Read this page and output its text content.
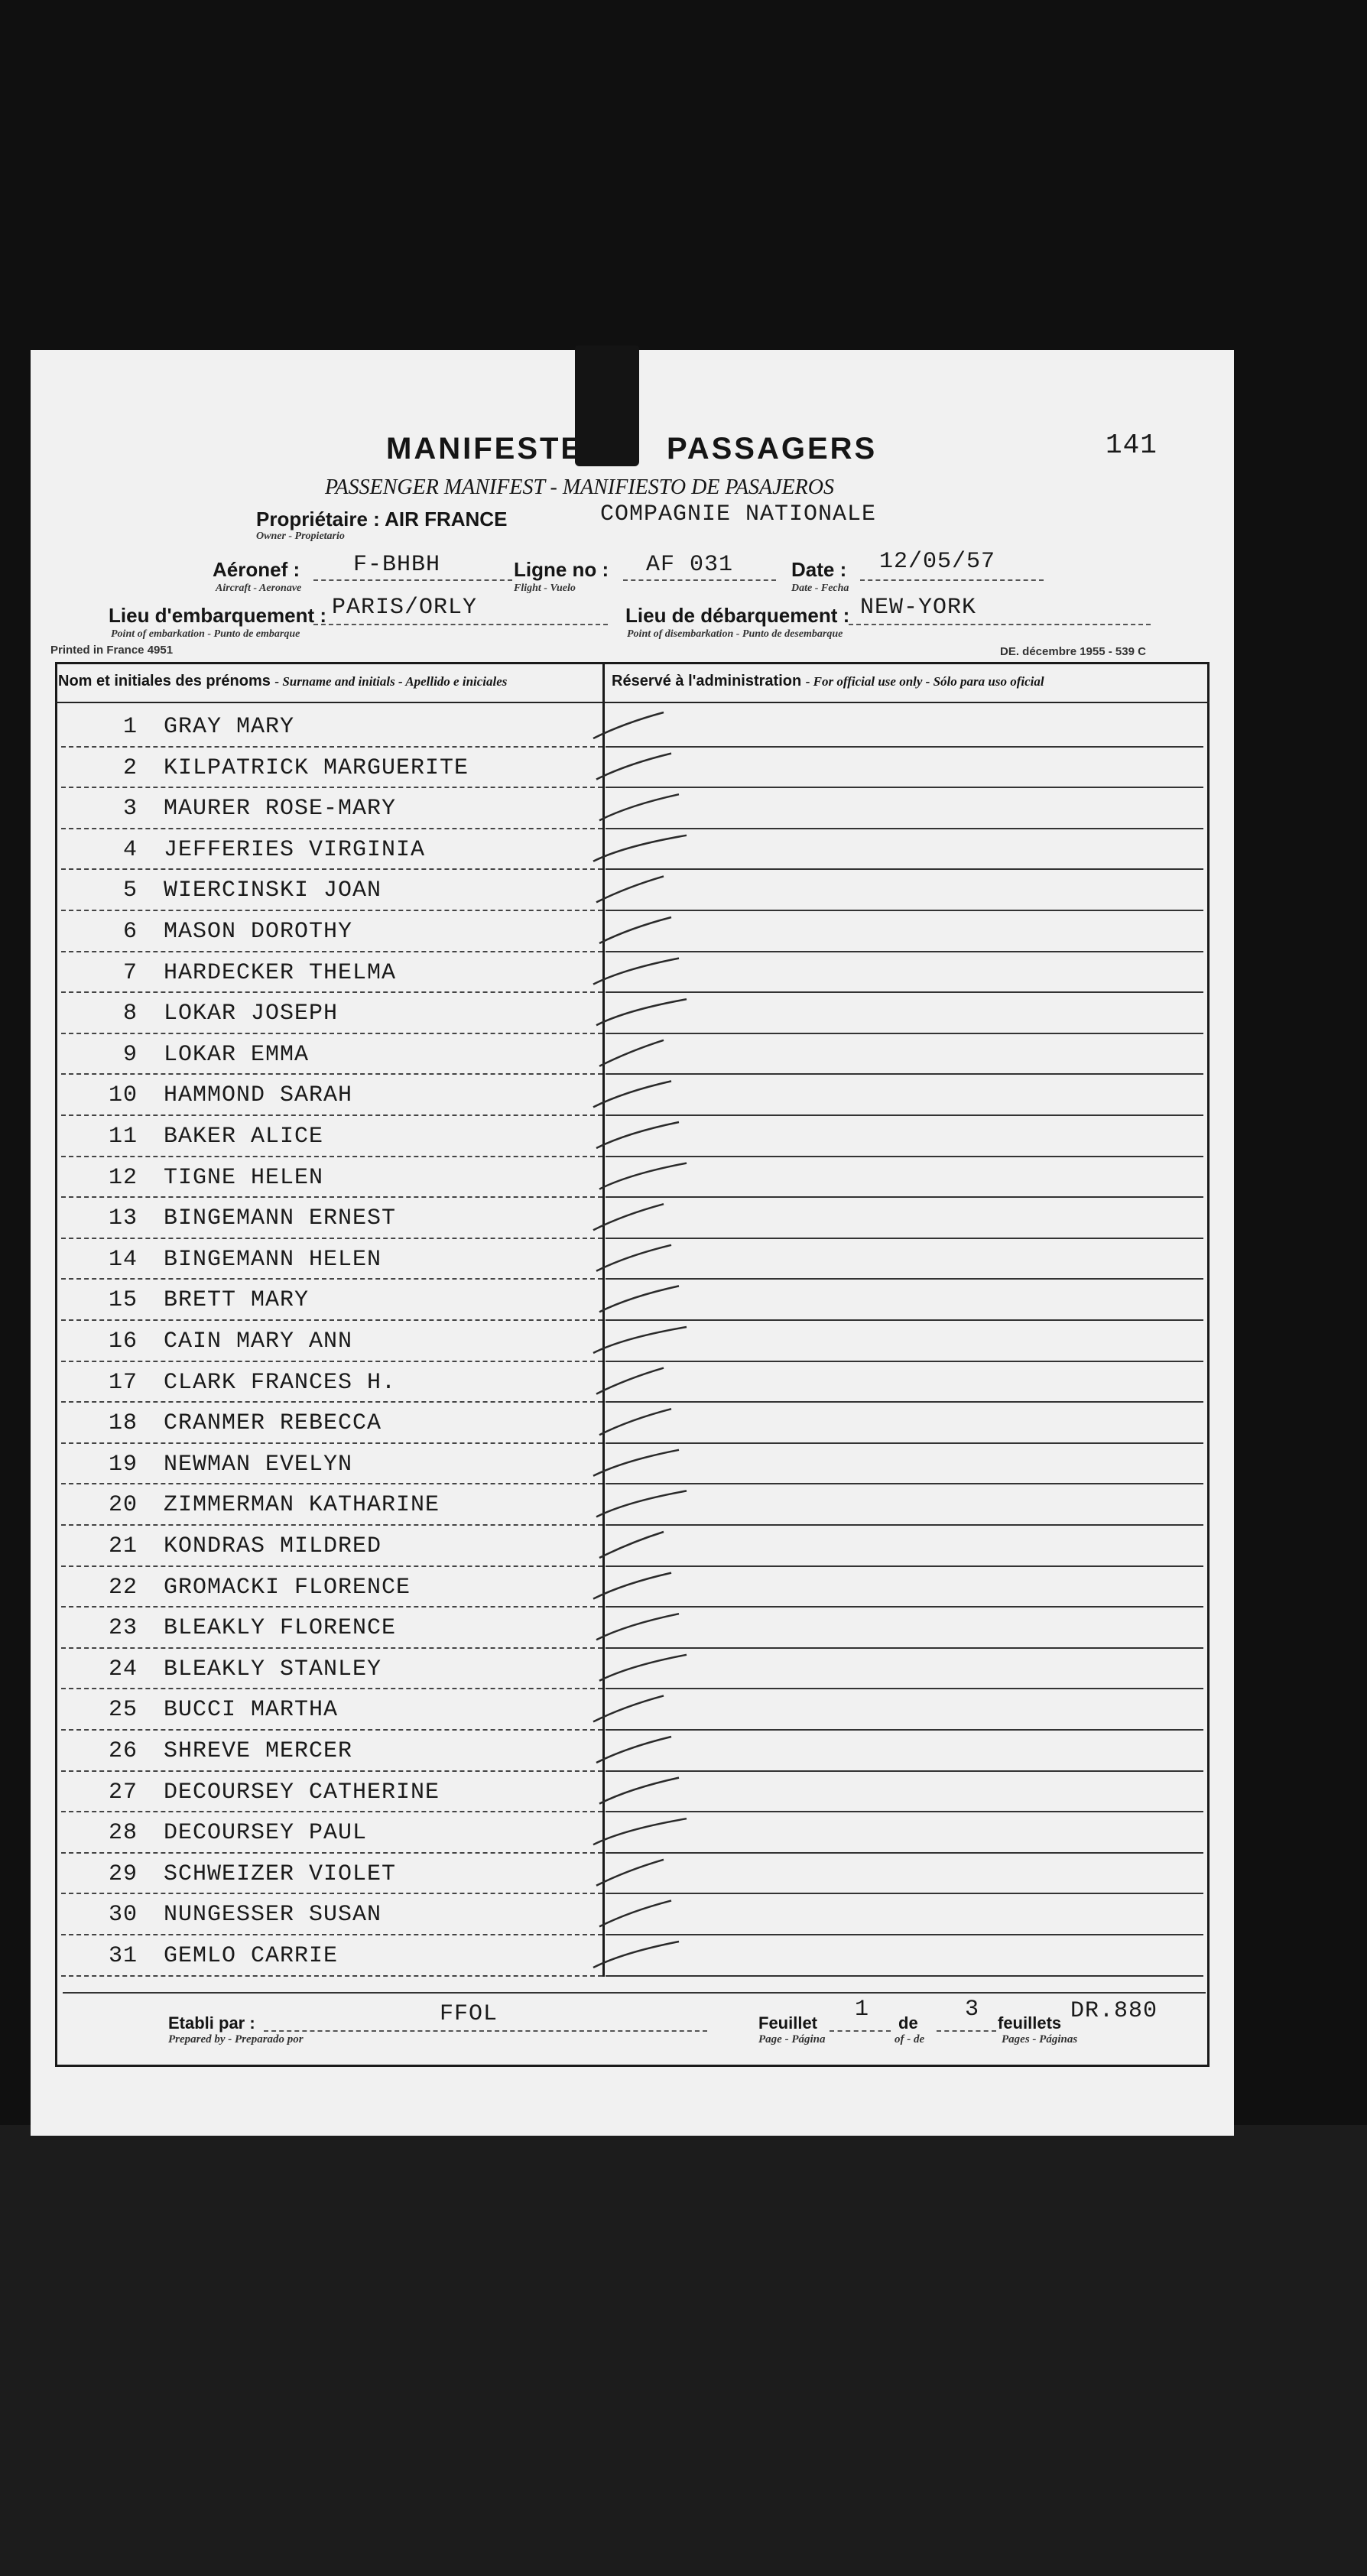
MANIFESTE	PASSAGERS	141
PASSENGER MANIFEST - MANIFIESTO DE PASAJEROS
Propriétaire : AIR FRANCE	COMPAGNIE NATIONALE
Owner - Propietario
Aéronef : F-BHBH
Aircraft - Aeronave
Ligne no : AF 031
Flight - Vuelo
Date : 12/05/57
Date - Fecha
Lieu d'embarquement : PARIS/ORLY
Point of embarkation - Punto de embarque
Lieu de débarquement : NEW-YORK
Point of disembarkation - Punto de desembarque
Printed in France 4951	DE. décembre 1955 - 539 C
Nom et initiales des prénoms - Surname and initials - Apellido e iniciales	Réservé à l'administration - For official use only - Sólo para uso oficial
1 GRAY MARY
2 KILPATRICK MARGUERITE
3 MAURER ROSE-MARY
4 JEFFERIES VIRGINIA
5 WIERCINSKI JOAN
6 MASON DOROTHY
7 HARDECKER THELMA
8 LOKAR JOSEPH
9 LOKAR EMMA
10 HAMMOND SARAH
11 BAKER ALICE
12 TIGNE HELEN
13 BINGEMANN ERNEST
14 BINGEMANN HELEN
15 BRETT MARY
16 CAIN MARY ANN
17 CLARK FRANCES H.
18 CRANMER REBECCA
19 NEWMAN EVELYN
20 ZIMMERMAN KATHARINE
21 KONDRAS MILDRED
22 GROMACKI FLORENCE
23 BLEAKLY FLORENCE
24 BLEAKLY STANLEY
25 BUCCI MARTHA
26 SHREVE MERCER
27 DECOURSEY CATHERINE
28 DECOURSEY PAUL
29 SCHWEIZER VIOLET
30 NUNGESSER SUSAN
31 GEMLO CARRIE
Etabli par :
Prepared by - Preparado por
FFOL	Feuillet
Page - Página
1
de
of - de
3
feuillets
Pages - Páginas
DR.880
